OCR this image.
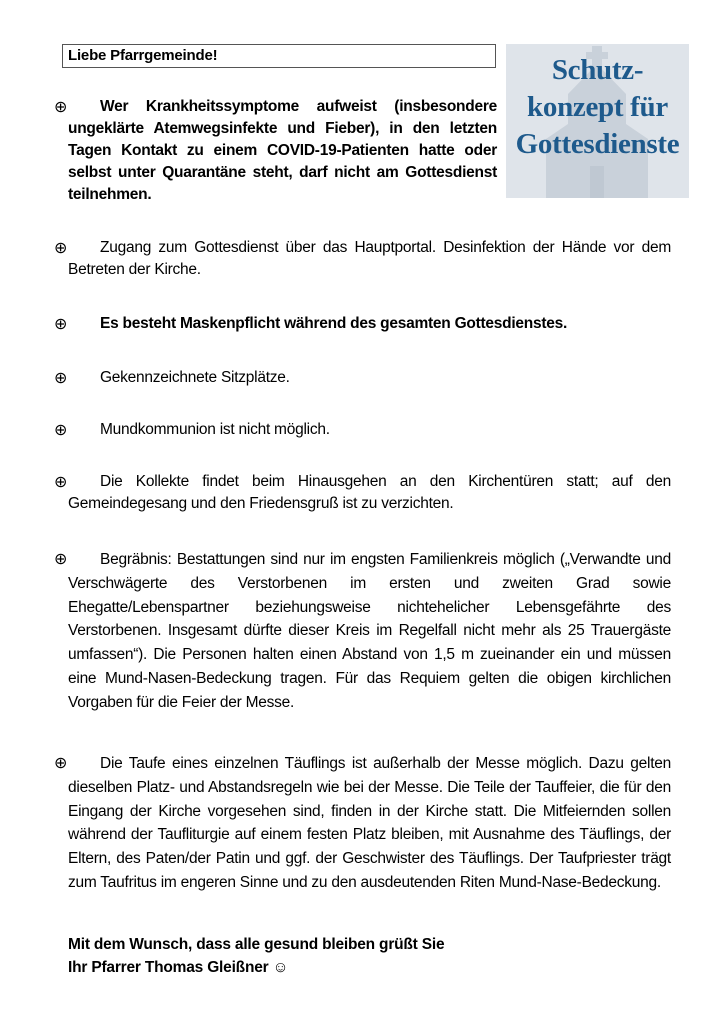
Liebe Pfarrgemeinde!	Schutz-
konzept für
Gottesdienste
⊕	Wer Krankheitssymptome aufweist (insbesondere ungeklärte Atemwegsinfekte und Fieber), in den letzten Tagen Kontakt zu einem COVID-19-Patienten hatte oder selbst unter Quarantäne steht, darf nicht am Gottesdienst teilnehmen.
⊕	Zugang zum Gottesdienst über das Hauptportal. Desinfektion der Hände vor dem Betreten der Kirche.
⊕	Es besteht Maskenpflicht während des gesamten Gottesdienstes.
⊕	Gekennzeichnete Sitzplätze.
⊕	Mundkommunion ist nicht möglich.
⊕	Die Kollekte findet beim Hinausgehen an den Kirchentüren statt; auf den Gemeindegesang und den Friedensgruß ist zu verzichten.
⊕	Begräbnis: Bestattungen sind nur im engsten Familienkreis möglich („Verwandte und Verschwägerte des Verstorbenen im ersten und zweiten Grad sowie Ehegatte/Lebenspartner beziehungsweise nichtehelicher Lebensgefährte des Verstorbenen. Insgesamt dürfte dieser Kreis im Regelfall nicht mehr als 25 Trauergäste umfassen“). Die Personen halten einen Abstand von 1,5 m zueinander ein und müssen eine Mund-Nasen-Bedeckung tragen. Für das Requiem gelten die obigen kirchlichen Vorgaben für die Feier der Messe.
⊕	Die Taufe eines einzelnen Täuflings ist außerhalb der Messe möglich. Dazu gelten dieselben Platz- und Abstandsregeln wie bei der Messe. Die Teile der Tauffeier, die für den Eingang der Kirche vorgesehen sind, finden in der Kirche statt. Die Mitfeiernden sollen während der Taufliturgie auf einem festen Platz bleiben, mit Ausnahme des Täuflings, der Eltern, des Paten/der Patin und ggf. der Geschwister des Täuflings. Der Taufpriester trägt zum Taufritus im engeren Sinne und zu den ausdeutenden Riten Mund-Nase-Bedeckung.
Mit dem Wunsch, dass alle gesund bleiben grüßt Sie
Ihr Pfarrer Thomas Gleißner ☺
